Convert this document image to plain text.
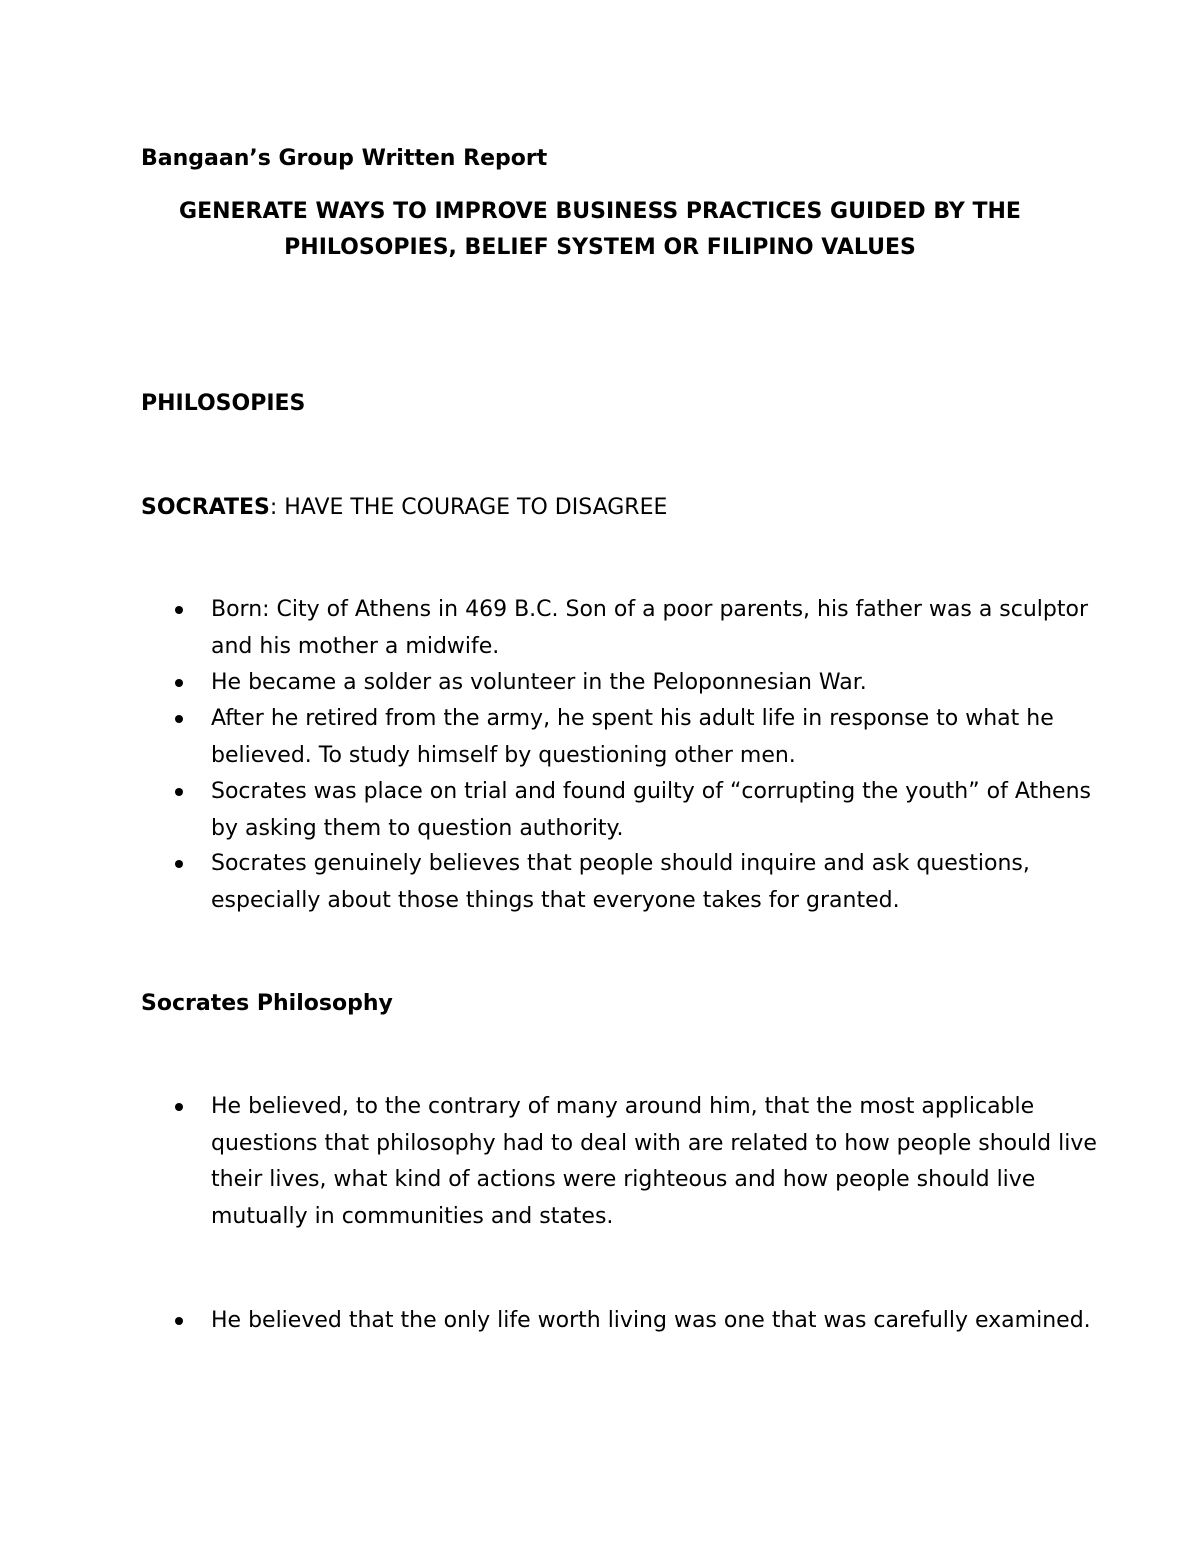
Bangaan’s Group Written Report
GENERATE WAYS TO IMPROVE BUSINESS PRACTICES GUIDED BY THE
PHILOSOPIES, BELIEF SYSTEM OR FILIPINO VALUES
PHILOSOPIES
SOCRATES: HAVE THE COURAGE TO DISAGREE
Born: City of Athens in 469 B.C. Son of a poor parents, his father was a sculptor and his mother a midwife.
He became a solder as volunteer in the Peloponnesian War.
After he retired from the army, he spent his adult life in response to what he believed. To study himself by questioning other men.
Socrates was place on trial and found guilty of “corrupting the youth” of Athens by asking them to question authority.
Socrates genuinely believes that people should inquire and ask questions, especially about those things that everyone takes for granted.
Socrates Philosophy
He believed, to the contrary of many around him, that the most applicable questions that philosophy had to deal with are related to how people should live their lives, what kind of actions were righteous and how people should live mutually in communities and states.
He believed that the only life worth living was one that was carefully examined.
